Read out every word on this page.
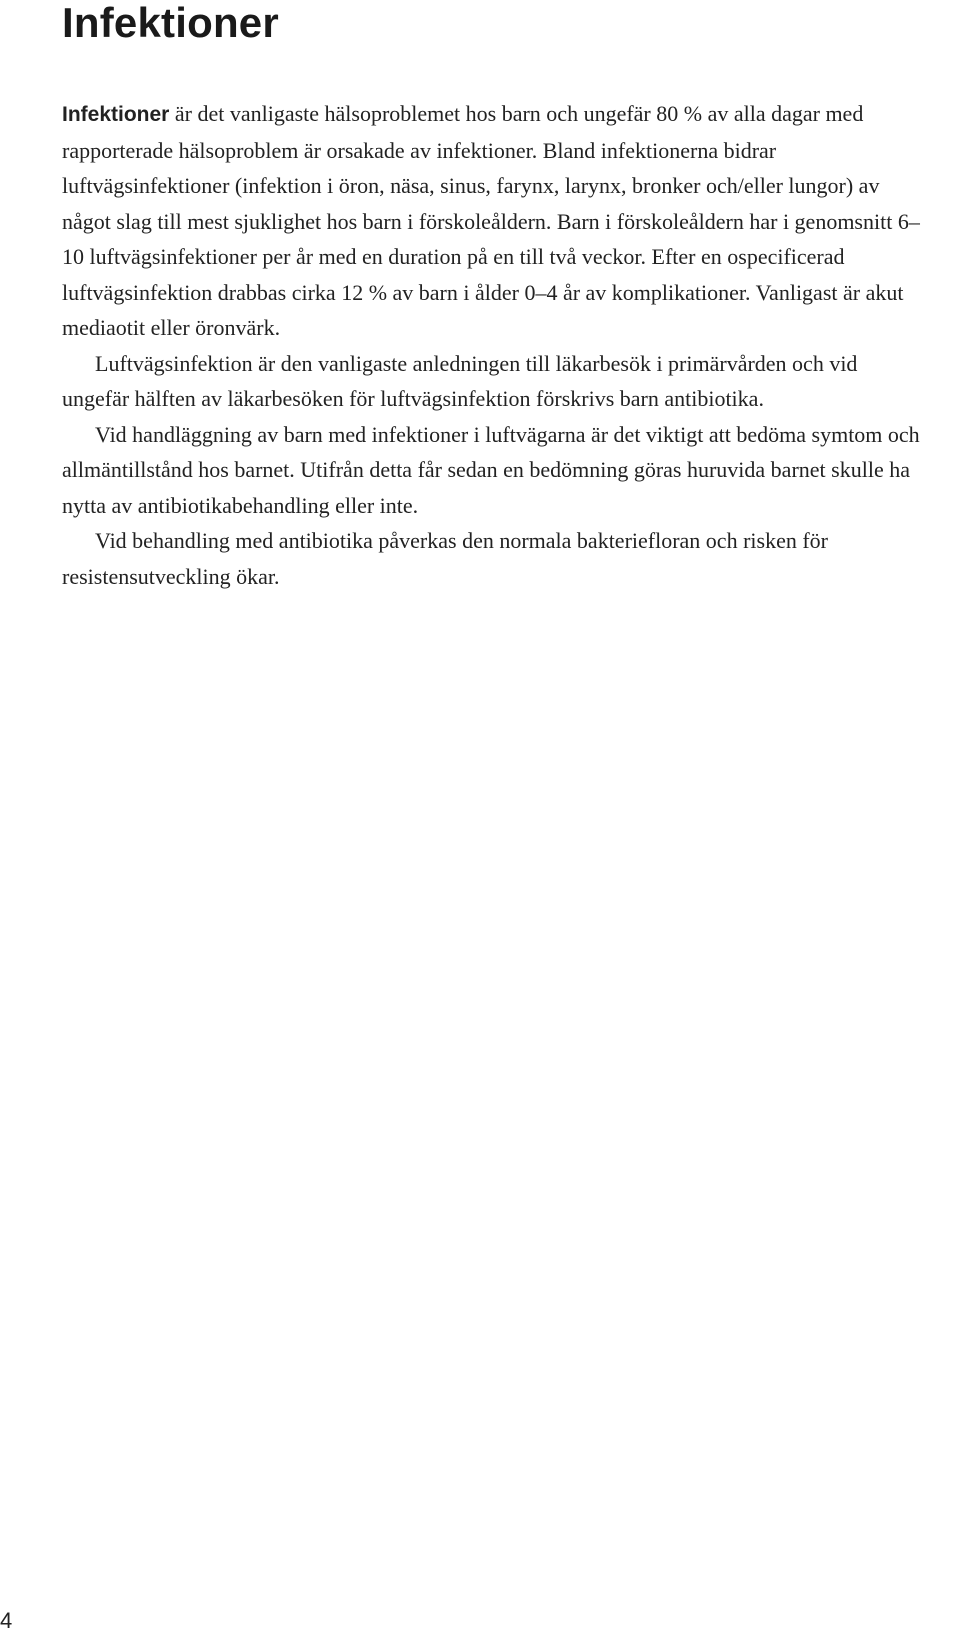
Infektioner

Infektioner är det vanligaste hälsoproblemet hos barn och ungefär 80 % av alla dagar med rapporterade hälsoproblem är orsakade av infektioner. Bland infektionerna bidrar luftvägsinfektioner (infektion i öron, näsa, sinus, farynx, larynx, bronker och/eller lungor) av något slag till mest sjuklighet hos barn i förskoleåldern. Barn i förskoleåldern har i genomsnitt 6–10 luftvägsinfektioner per år med en duration på en till två veckor. Efter en ospecificerad luftvägsinfektion drabbas cirka 12 % av barn i ålder 0–4 år av komplikationer. Vanligast är akut mediaotit eller öronvärk.

Luftvägsinfektion är den vanligaste anledningen till läkarbesök i primärvården och vid ungefär hälften av läkarbesöken för luftvägsinfektion förskrivs barn antibiotika.

Vid handläggning av barn med infektioner i luftvägarna är det viktigt att bedöma symtom och allmäntillstånd hos barnet. Utifrån detta får sedan en bedömning göras huruvida barnet skulle ha nytta av antibiotikabehandling eller inte.

Vid behandling med antibiotika påverkas den normala bakteriefloran och risken för resistensutveckling ökar.

4
